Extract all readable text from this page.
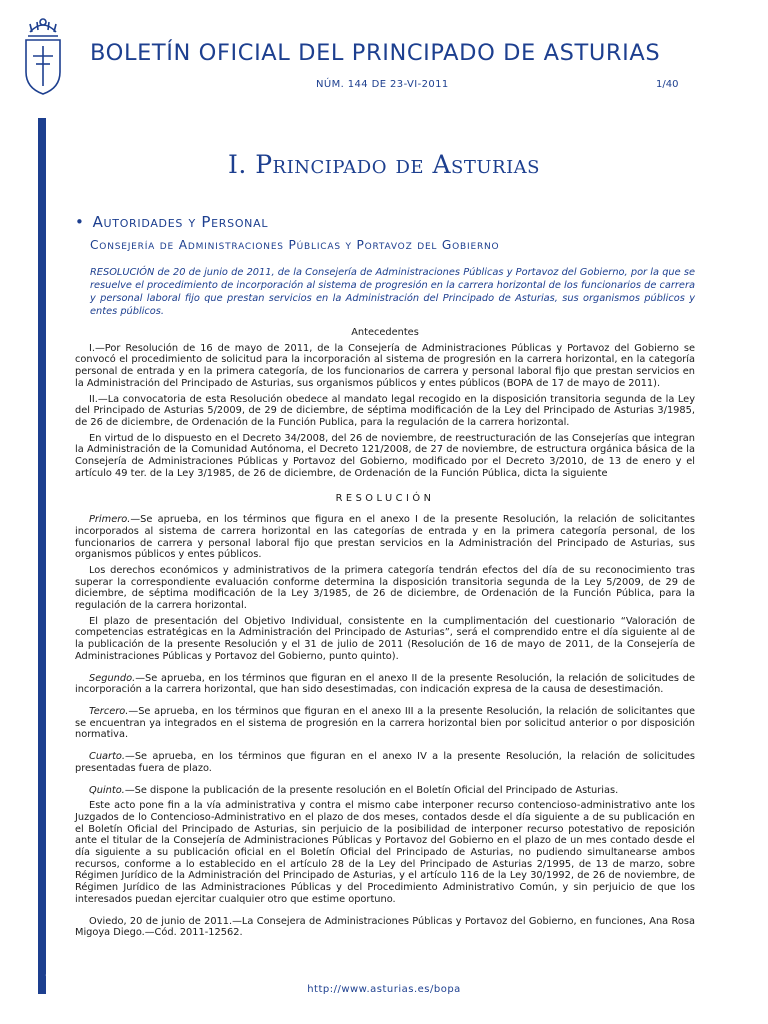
BOLETÍN OFICIAL DEL PRINCIPADO DE ASTURIAS
NÚM. 144 DE 23-VI-2011	1/40
Cód. 2011-12562
I. Principado de Asturias
• Autoridades y Personal
Consejería de Administraciones Públicas y Portavoz del Gobierno
RESOLUCIÓN de 20 de junio de 2011, de la Consejería de Administraciones Públicas y Portavoz del Gobierno, por la que se resuelve el procedimiento de incorporación al sistema de progresión en la carrera horizontal de los funcionarios de carrera y personal laboral fijo que prestan servicios en la Administración del Principado de Asturias, sus organismos públicos y entes públicos.
Antecedentes

I.—Por Resolución de 16 de mayo de 2011, de la Consejería de Administraciones Públicas y Portavoz del Gobierno se convocó el procedimiento de solicitud para la incorporación al sistema de progresión en la carrera horizontal, en la categoría personal de entrada y en la primera categoría, de los funcionarios de carrera y personal laboral fijo que prestan servicios en la Administración del Principado de Asturias, sus organismos públicos y entes públicos (BOPA de 17 de mayo de 2011).

II.—La convocatoria de esta Resolución obedece al mandato legal recogido en la disposición transitoria segunda de la Ley del Principado de Asturias 5/2009, de 29 de diciembre, de séptima modificación de la Ley del Principado de Asturias 3/1985, de 26 de diciembre, de Ordenación de la Función Publica, para la regulación de la carrera horizontal.

En virtud de lo dispuesto en el Decreto 34/2008, del 26 de noviembre, de reestructuración de las Consejerías que integran la Administración de la Comunidad Autónoma, el Decreto 121/2008, de 27 de noviembre, de estructura orgánica básica de la Consejería de Administraciones Públicas y Portavoz del Gobierno, modificado por el Decreto 3/2010, de 13 de enero y el artículo 49 ter. de la Ley 3/1985, de 26 de diciembre, de Ordenación de la Función Pública, dicta la siguiente

RESOLUCIÓN

Primero.—Se aprueba, en los términos que figura en el anexo I de la presente Resolución, la relación de solicitantes incorporados al sistema de carrera horizontal en las categorías de entrada y en la primera categoría personal, de los funcionarios de carrera y personal laboral fijo que prestan servicios en la Administración del Principado de Asturias, sus organismos públicos y entes públicos.

Los derechos económicos y administrativos de la primera categoría tendrán efectos del día de su reconocimiento tras superar la correspondiente evaluación conforme determina la disposición transitoria segunda de la Ley 5/2009, de 29 de diciembre, de séptima modificación de la Ley 3/1985, de 26 de diciembre, de Ordenación de la Función Pública, para la regulación de la carrera horizontal.

El plazo de presentación del Objetivo Individual, consistente en la cumplimentación del cuestionario “Valoración de competencias estratégicas en la Administración del Principado de Asturias”, será el comprendido entre el día siguiente al de la publicación de la presente Resolución y el 31 de julio de 2011 (Resolución de 16 de mayo de 2011, de la Consejería de Administraciones Públicas y Portavoz del Gobierno, punto quinto).

Segundo.—Se aprueba, en los términos que figuran en el anexo II de la presente Resolución, la relación de solicitudes de incorporación a la carrera horizontal, que han sido desestimadas, con indicación expresa de la causa de desestimación.

Tercero.—Se aprueba, en los términos que figuran en el anexo III a la presente Resolución, la relación de solicitantes que se encuentran ya integrados en el sistema de progresión en la carrera horizontal bien por solicitud anterior o por disposición normativa.

Cuarto.—Se aprueba, en los términos que figuran en el anexo IV a la presente Resolución, la relación de solicitudes presentadas fuera de plazo.

Quinto.—Se dispone la publicación de la presente resolución en el Boletín Oficial del Principado de Asturias.

Este acto pone fin a la vía administrativa y contra el mismo cabe interponer recurso contencioso-administrativo ante los Juzgados de lo Contencioso-Administrativo en el plazo de dos meses, contados desde el día siguiente a de su publicación en el Boletín Oficial del Principado de Asturias, sin perjuicio de la posibilidad de interponer recurso potestativo de reposición ante el titular de la Consejería de Administraciones Públicas y Portavoz del Gobierno en el plazo de un mes contado desde el día siguiente a su publicación oficial en el Boletín Oficial del Principado de Asturias, no pudiendo simultanearse ambos recursos, conforme a lo establecido en el artículo 28 de la Ley del Principado de Asturias 2/1995, de 13 de marzo, sobre Régimen Jurídico de la Administración del Principado de Asturias, y el artículo 116 de la Ley 30/1992, de 26 de noviembre, de Régimen Jurídico de las Administraciones Públicas y del Procedimiento Administrativo Común, y sin perjuicio de que los interesados puedan ejercitar cualquier otro que estime oportuno.

Oviedo, 20 de junio de 2011.—La Consejera de Administraciones Públicas y Portavoz del Gobierno, en funciones, Ana Rosa Migoya Diego.—Cód. 2011-12562.

http://www.asturias.es/bopa
